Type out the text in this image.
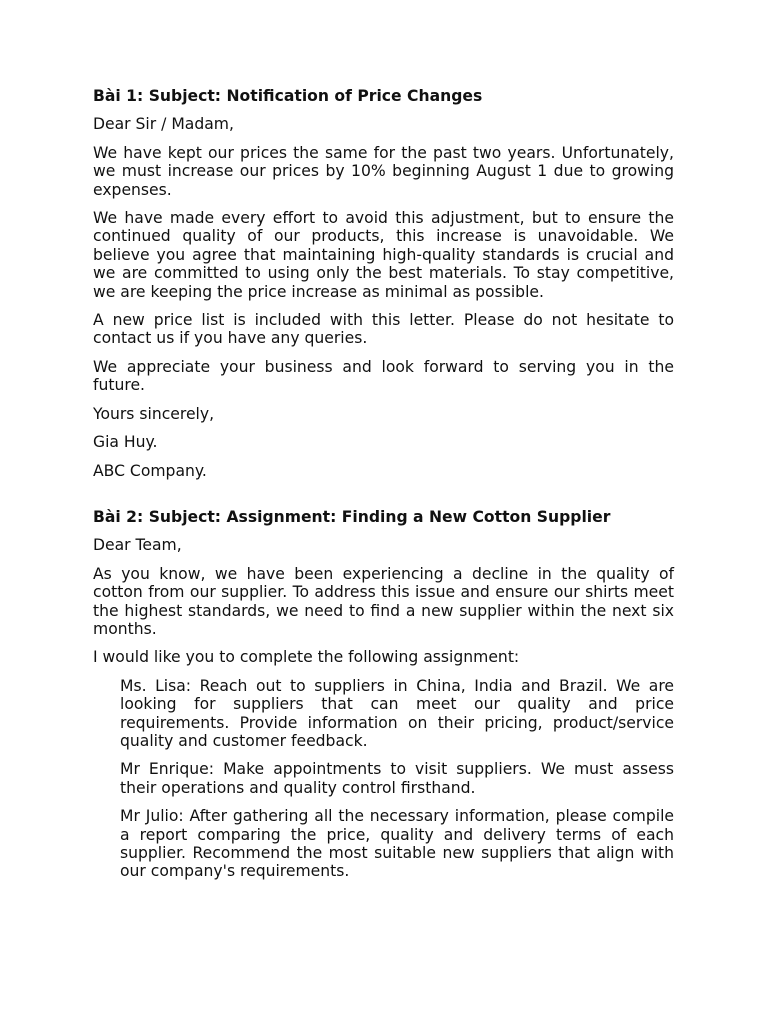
Bài 1: Subject: Notification of Price Changes
Dear Sir / Madam,
We have kept our prices the same for the past two years. Unfortunately, we must increase our prices by 10% beginning August 1 due to growing expenses.
We have made every effort to avoid this adjustment, but to ensure the continued quality of our products, this increase is unavoidable. We believe you agree that maintaining high-quality standards is crucial and we are committed to using only the best materials. To stay competitive, we are keeping the price increase as minimal as possible.
A new price list is included with this letter. Please do not hesitate to contact us if you have any queries.
We appreciate your business and look forward to serving you in the future.
Yours sincerely,
Gia Huy.
ABC Company.
Bài 2: Subject: Assignment: Finding a New Cotton Supplier
Dear Team,
As you know, we have been experiencing a decline in the quality of cotton from our supplier. To address this issue and ensure our shirts meet the highest standards, we need to find a new supplier within the next six months.
I would like you to complete the following assignment:
Ms. Lisa: Reach out to suppliers in China, India and Brazil. We are looking for suppliers that can meet our quality and price requirements. Provide information on their pricing, product/service quality and customer feedback.
Mr Enrique: Make appointments to visit suppliers. We must assess their operations and quality control firsthand.
Mr Julio: After gathering all the necessary information, please compile a report comparing the price, quality and delivery terms of each supplier. Recommend the most suitable new suppliers that align with our company's requirements.
